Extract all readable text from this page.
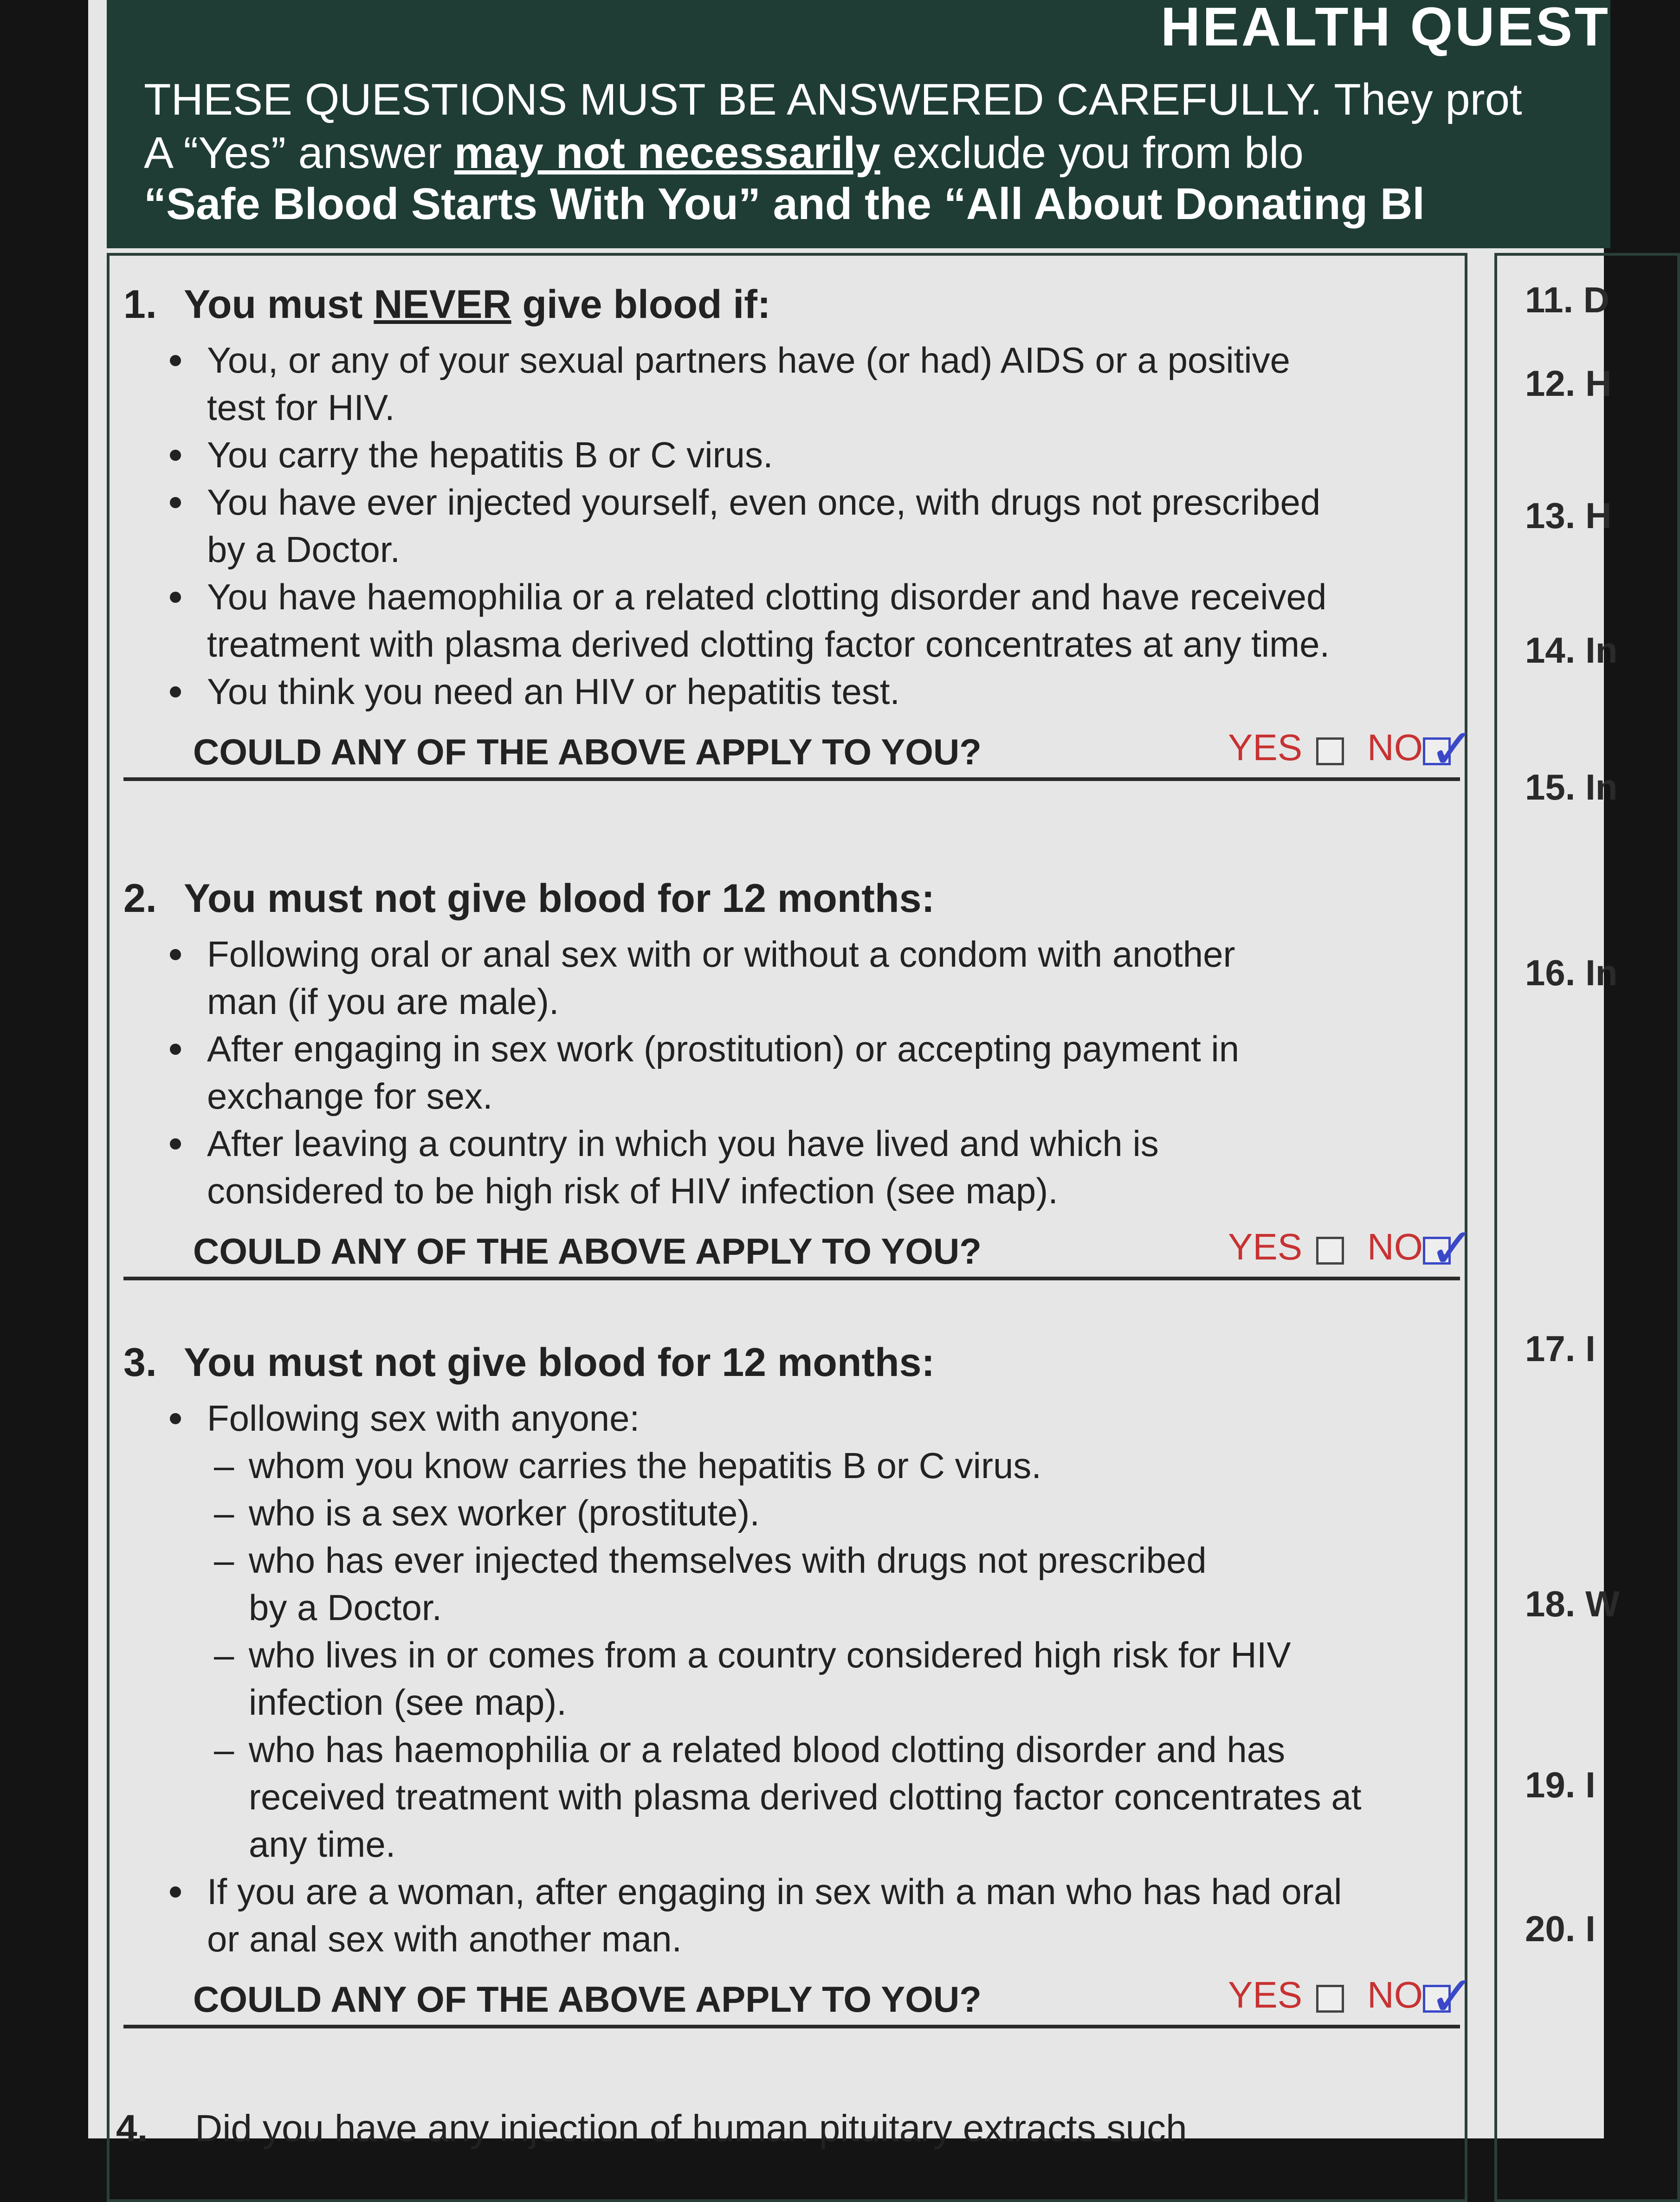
HEALTH QUEST
THESE QUESTIONS MUST BE ANSWERED CAREFULLY. They prot
A “Yes” answer may not necessarily exclude you from blo
“Safe Blood Starts With You” and the “All About Donating Bl
1. You must NEVER give blood if:
You, or any of your sexual partners have (or had) AIDS or a positive test for HIV.
You carry the hepatitis B or C virus.
You have ever injected yourself, even once, with drugs not prescribed by a Doctor.
You have haemophilia or a related clotting disorder and have received treatment with plasma derived clotting factor concentrates at any time.
You think you need an HIV or hepatitis test.
COULD ANY OF THE ABOVE APPLY TO YOU?	YES NO ✓
2. You must not give blood for 12 months:
Following oral or anal sex with or without a condom with another man (if you are male).
After engaging in sex work (prostitution) or accepting payment in exchange for sex.
After leaving a country in which you have lived and which is considered to be high risk of HIV infection (see map).
COULD ANY OF THE ABOVE APPLY TO YOU?	YES NO ✓
3. You must not give blood for 12 months:
Following sex with anyone:
– whom you know carries the hepatitis B or C virus.
– who is a sex worker (prostitute).
– who has ever injected themselves with drugs not prescribed by a Doctor.
– who lives in or comes from a country considered high risk for HIV infection (see map).
– who has haemophilia or a related blood clotting disorder and has received treatment with plasma derived clotting factor concentrates at any time.
If you are a woman, after engaging in sex with a man who has had oral or anal sex with another man.
COULD ANY OF THE ABOVE APPLY TO YOU?	YES NO ✓
4. Did you have any injection of human pituitary extracts such
11. D
12. H
13. H
14. In
15. In
16. In
17. I
18. W
19. I
20. I
